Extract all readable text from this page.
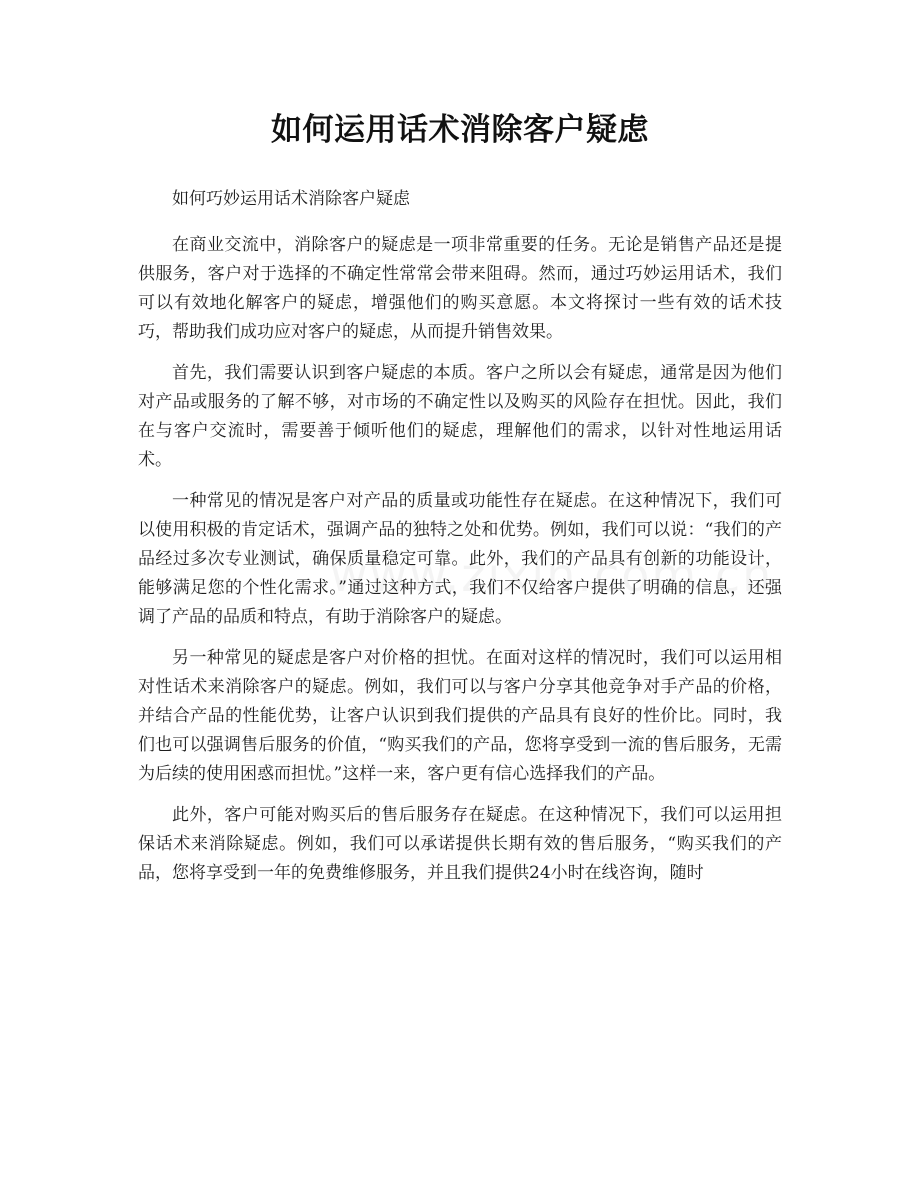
如何运用话术消除客户疑虑

如何巧妙运用话术消除客户疑虑

在商业交流中，消除客户的疑虑是一项非常重要的任务。无论是销售产品还是提供服务，客户对于选择的不确定性常常会带来阻碍。然而，通过巧妙运用话术，我们可以有效地化解客户的疑虑，增强他们的购买意愿。本文将探讨一些有效的话术技巧，帮助我们成功应对客户的疑虑，从而提升销售效果。

首先，我们需要认识到客户疑虑的本质。客户之所以会有疑虑，通常是因为他们对产品或服务的了解不够，对市场的不确定性以及购买的风险存在担忧。因此，我们在与客户交流时，需要善于倾听他们的疑虑，理解他们的需求，以针对性地运用话术。

一种常见的情况是客户对产品的质量或功能性存在疑虑。在这种情况下，我们可以使用积极的肯定话术，强调产品的独特之处和优势。例如，我们可以说：“我们的产品经过多次专业测试，确保质量稳定可靠。此外，我们的产品具有创新的功能设计，能够满足您的个性化需求。”通过这种方式，我们不仅给客户提供了明确的信息，还强调了产品的品质和特点，有助于消除客户的疑虑。

另一种常见的疑虑是客户对价格的担忧。在面对这样的情况时，我们可以运用相对性话术来消除客户的疑虑。例如，我们可以与客户分享其他竞争对手产品的价格，并结合产品的性能优势，让客户认识到我们提供的产品具有良好的性价比。同时，我们也可以强调售后服务的价值，“购买我们的产品，您将享受到一流的售后服务，无需为后续的使用困惑而担忧。”这样一来，客户更有信心选择我们的产品。

此外，客户可能对购买后的售后服务存在疑虑。在这种情况下，我们可以运用担保话术来消除疑虑。例如，我们可以承诺提供长期有效的售后服务，“购买我们的产品，您将享受到一年的免费维修服务，并且我们提供24小时在线咨询，随时
